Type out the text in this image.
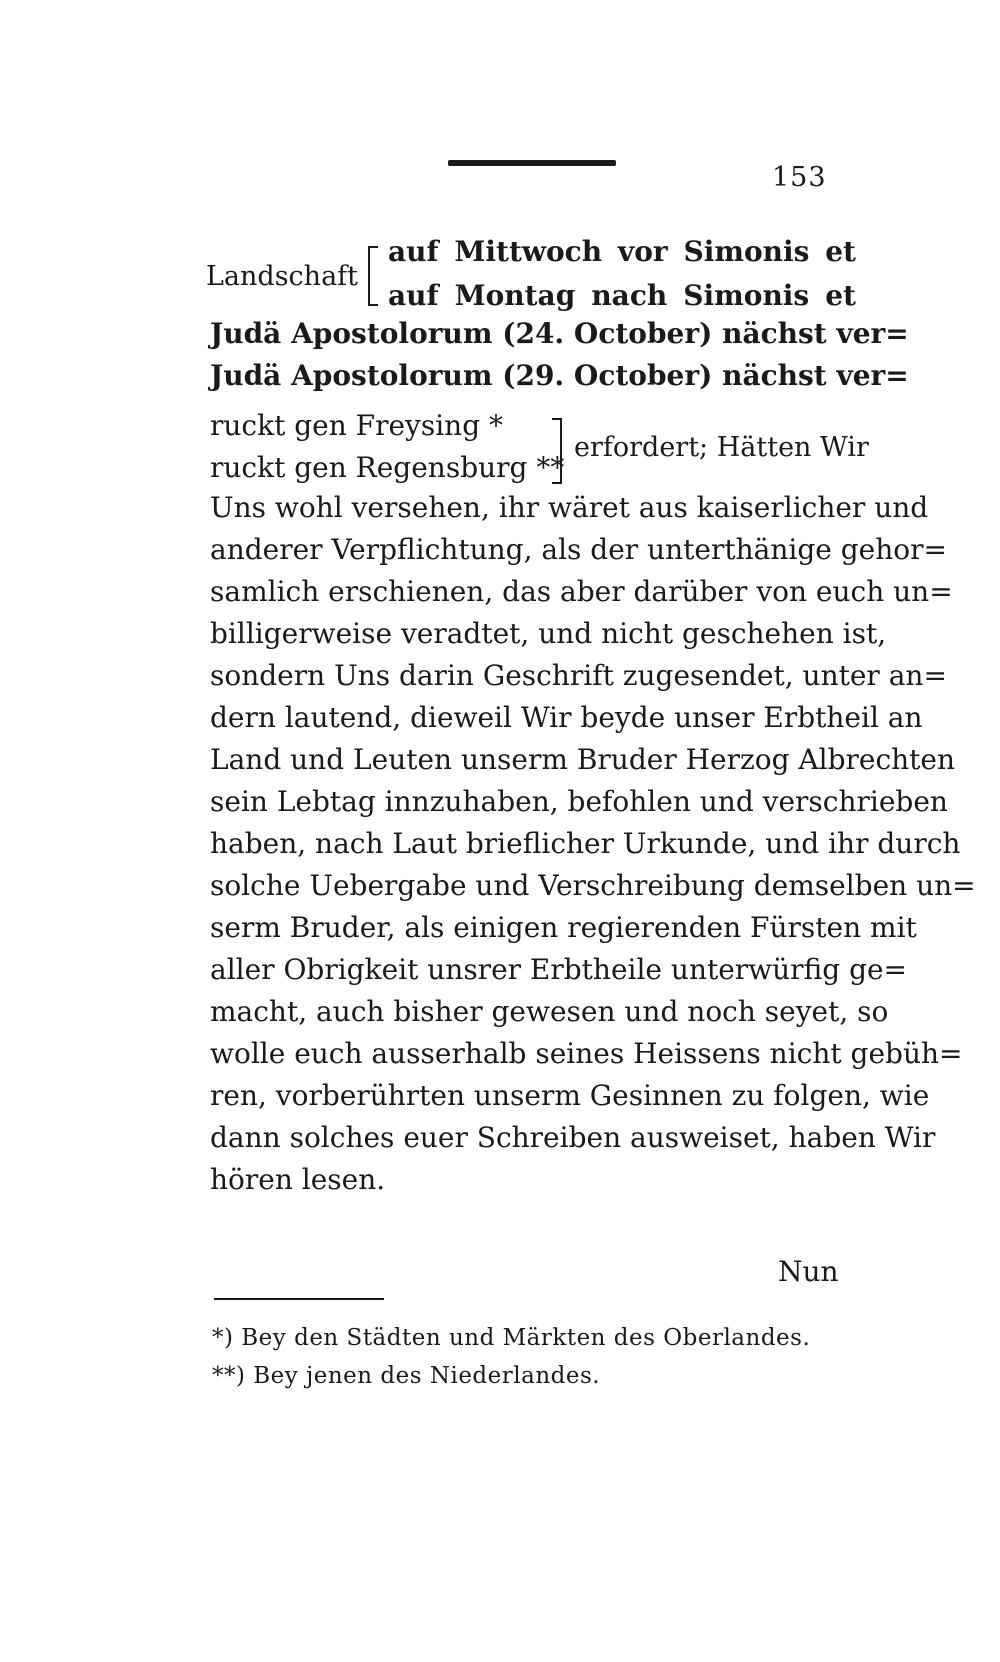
153
Landschaft
auf Mittwoch vor Simonis et
auf Montag nach Simonis et
Judä Apostolorum (24. October) nächst ver=
Judä Apostolorum (29. October) nächst ver=
ruckt gen Freysing *
ruckt gen Regensburg **
erfordert; Hätten Wir
Uns wohl versehen, ihr wäret aus kaiserlicher und
anderer Verpflichtung, als der unterthänige gehor=
samlich erschienen, das aber darüber von euch un=
billigerweise veradtet, und nicht geschehen ist,
sondern Uns darin Geschrift zugesendet, unter an=
dern lautend, dieweil Wir beyde unser Erbtheil an
Land und Leuten unserm Bruder Herzog Albrechten
sein Lebtag innzuhaben, befohlen und verschrieben
haben, nach Laut brieflicher Urkunde, und ihr durch
solche Uebergabe und Verschreibung demselben un=
serm Bruder, als einigen regierenden Fürsten mit
aller Obrigkeit unsrer Erbtheile unterwürfig ge=
macht, auch bisher gewesen und noch seyet, so
wolle euch ausserhalb seines Heissens nicht gebüh=
ren, vorberührten unserm Gesinnen zu folgen, wie
dann solches euer Schreiben ausweiset, haben Wir
hören lesen.
Nun
*) Bey den Städten und Märkten des Oberlandes.
**) Bey jenen des Niederlandes.
